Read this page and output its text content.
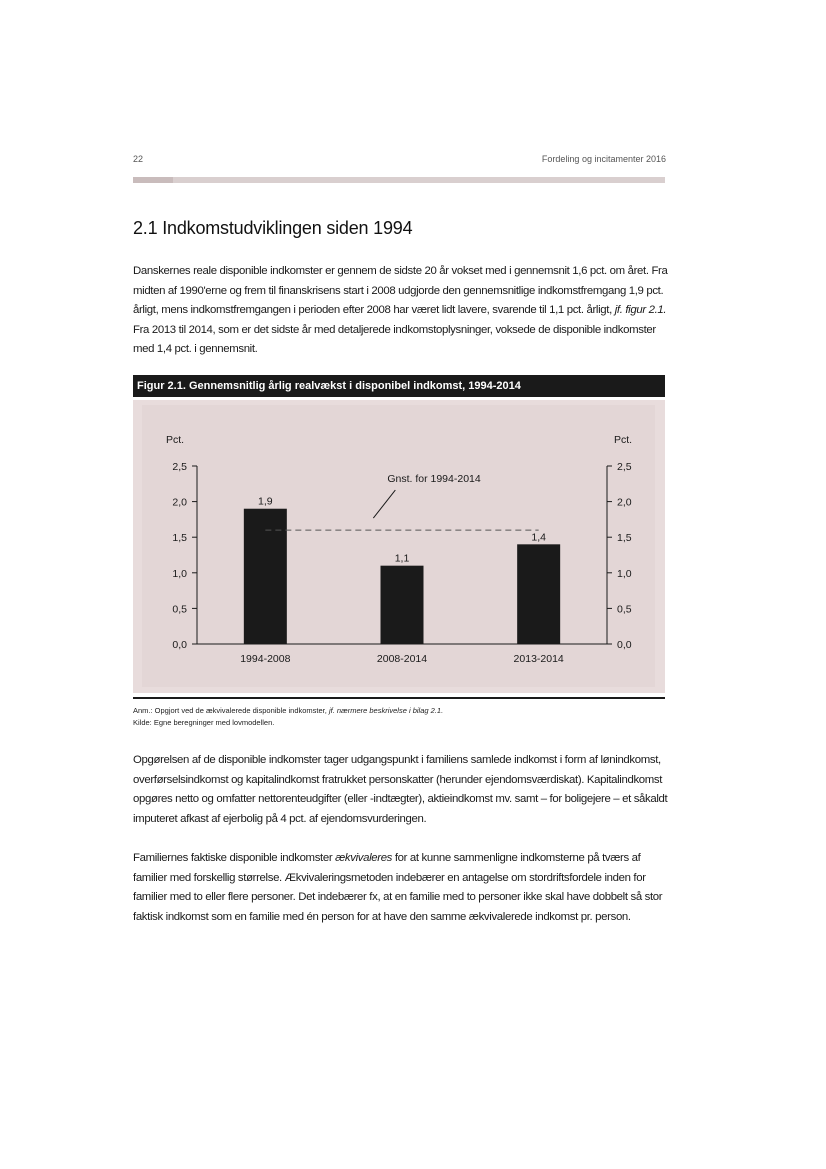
22	Fordeling og incitamenter 2016
2.1 Indkomstudviklingen siden 1994

Danskernes reale disponible indkomster er gennem de sidste 20 år vokset med i gennemsnit 1,6 pct. om året. Fra midten af 1990'erne og frem til finanskrisens start i 2008 udgjorde den gennemsnitlige indkomstfremgang 1,9 pct. årligt, mens indkomstfremgangen i perioden efter 2008 har været lidt lavere, svarende til 1,1 pct. årligt, jf. figur 2.1. Fra 2013 til 2014, som er det sidste år med detaljerede indkomstoplysninger, voksede de disponible indkomster med 1,4 pct. i gennemsnit.

Figur 2.1. Gennemsnitlig årlig realvækst i disponibel indkomst, 1994-2014
Pct.	Pct.
0,0	0,0
0,5	0,5
1,0	1,0
1,5	1,5
2,0	2,0
2,5	2,5
1,9
1994-2008
1,1
2008-2014
1,4
2013-2014
Gnst. for 1994-2014
Anm.: Opgjort ved de ækvivalerede disponible indkomster, jf. nærmere beskrivelse i bilag 2.1.
Kilde: Egne beregninger med lovmodellen.

Opgørelsen af de disponible indkomster tager udgangspunkt i familiens samlede indkomst i form af lønindkomst, overførselsindkomst og kapitalindkomst fratrukket personskatter (herunder ejendomsværdiskat). Kapitalindkomst opgøres netto og omfatter nettorenteudgifter (eller -indtægter), aktieindkomst mv. samt – for boligejere – et såkaldt imputeret afkast af ejerbolig på 4 pct. af ejendomsvurderingen.

Familiernes faktiske disponible indkomster ækvivaleres for at kunne sammenligne indkomsterne på tværs af familier med forskellig størrelse. Ækvivaleringsmetoden indebærer en antagelse om stordriftsfordele inden for familier med to eller flere personer. Det indebærer fx, at en familie med to personer ikke skal have dobbelt så stor faktisk indkomst som en familie med én person for at have den samme ækvivalerede indkomst pr. person.
